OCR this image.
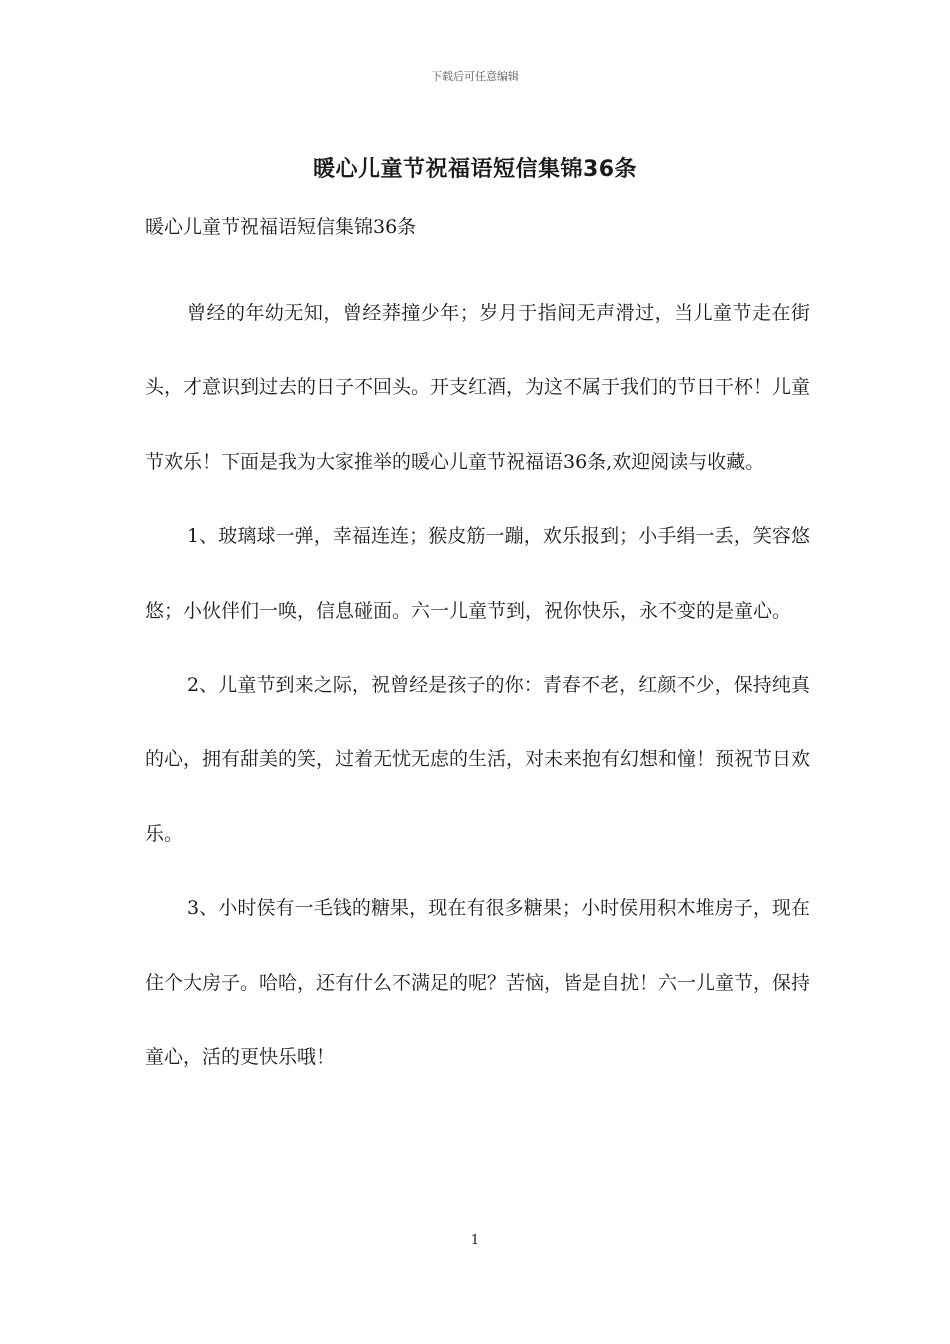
下载后可任意编辑
暖心儿童节祝福语短信集锦36条
暖心儿童节祝福语短信集锦36条

曾经的年幼无知，曾经莽撞少年；岁月于指间无声滑过，当儿童节走在街头，才意识到过去的日子不回头。开支红酒，为这不属于我们的节日干杯！儿童节欢乐！下面是我为大家推举的暖心儿童节祝福语36条,欢迎阅读与收藏。

1、玻璃球一弹，幸福连连；猴皮筋一蹦，欢乐报到；小手绢一丢，笑容悠悠；小伙伴们一唤，信息碰面。六一儿童节到，祝你快乐，永不变的是童心。

2、儿童节到来之际，祝曾经是孩子的你：青春不老，红颜不少，保持纯真的心，拥有甜美的笑，过着无忧无虑的生活，对未来抱有幻想和憧！预祝节日欢乐。

3、小时侯有一毛钱的糖果，现在有很多糖果；小时侯用积木堆房子，现在住个大房子。哈哈，还有什么不满足的呢？苦恼，皆是自扰！六一儿童节，保持童心，活的更快乐哦！

1
